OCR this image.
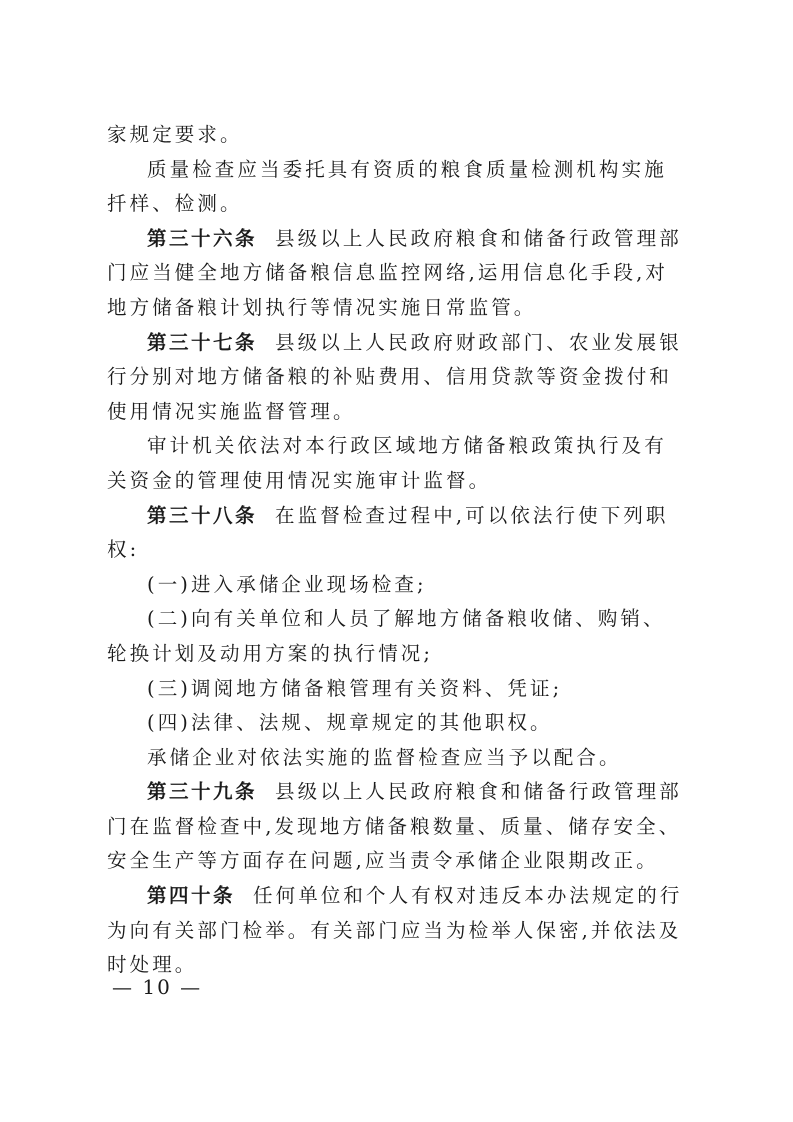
家规定要求。

质量检查应当委托具有资质的粮食质量检测机构实施扦样、检测。

第三十六条 县级以上人民政府粮食和储备行政管理部门应当健全地方储备粮信息监控网络,运用信息化手段,对地方储备粮计划执行等情况实施日常监管。

第三十七条 县级以上人民政府财政部门、农业发展银行分别对地方储备粮的补贴费用、信用贷款等资金拨付和使用情况实施监督管理。

审计机关依法对本行政区域地方储备粮政策执行及有关资金的管理使用情况实施审计监督。

第三十八条 在监督检查过程中,可以依法行使下列职权:

(一)进入承储企业现场检查;

(二)向有关单位和人员了解地方储备粮收储、购销、轮换计划及动用方案的执行情况;

(三)调阅地方储备粮管理有关资料、凭证;

(四)法律、法规、规章规定的其他职权。

承储企业对依法实施的监督检查应当予以配合。

第三十九条 县级以上人民政府粮食和储备行政管理部门在监督检查中,发现地方储备粮数量、质量、储存安全、安全生产等方面存在问题,应当责令承储企业限期改正。

第四十条 任何单位和个人有权对违反本办法规定的行为向有关部门检举。有关部门应当为检举人保密,并依法及时处理。

— 10 —
